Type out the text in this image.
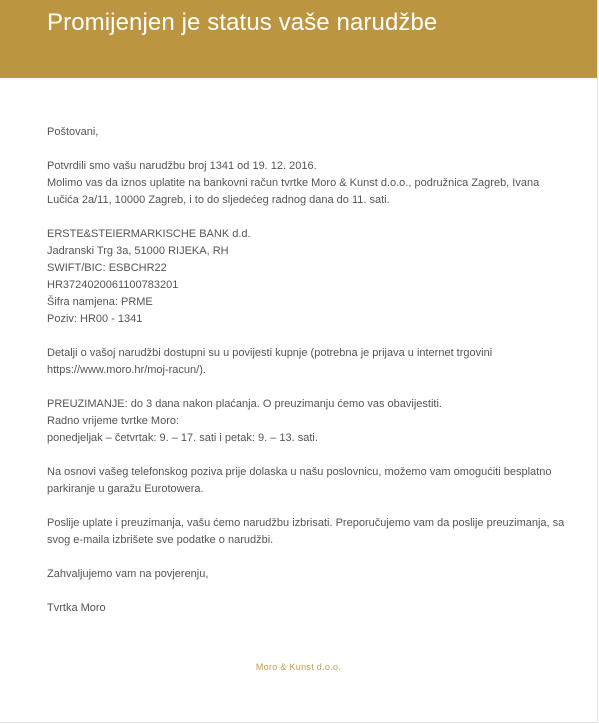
Promijenjen je status vaše narudžbe

Poštovani,

Potvrdili smo vašu narudžbu broj 1341 od 19. 12. 2016.
Molimo vas da iznos uplatite na bankovni račun tvrtke Moro & Kunst d.o.o., podružnica Zagreb, Ivana
Lučića 2a/11, 10000 Zagreb, i to do sljedećeg radnog dana do 11. sati.

ERSTE&STEIERMARKISCHE BANK d.d.
Jadranski Trg 3a, 51000 RIJEKA, RH
SWIFT/BIC: ESBCHR22
HR3724020061100783201
Šifra namjena: PRME
Poziv: HR00 - 1341

Detalji o vašoj narudžbi dostupni su u povijesti kupnje (potrebna je prijava u internet trgovini
https://www.moro.hr/moj-racun/).

PREUZIMANJE: do 3 dana nakon plaćanja. O preuzimanju ćemo vas obavijestiti.
Radno vrijeme tvrtke Moro:
ponedjeljak – četvrtak: 9. – 17. sati i petak: 9. – 13. sati.

Na osnovi vašeg telefonskog poziva prije dolaska u našu poslovnicu, možemo vam omogućiti besplatno
parkiranje u garažu Eurotowera.

Poslije uplate i preuzimanja, vašu ćemo narudžbu izbrisati. Preporučujemo vam da poslije preuzimanja, sa
svog e-maila izbrišete sve podatke o narudžbi.

Zahvaljujemo vam na povjerenju,

Tvrtka Moro

Moro & Kunst d.o.o.
